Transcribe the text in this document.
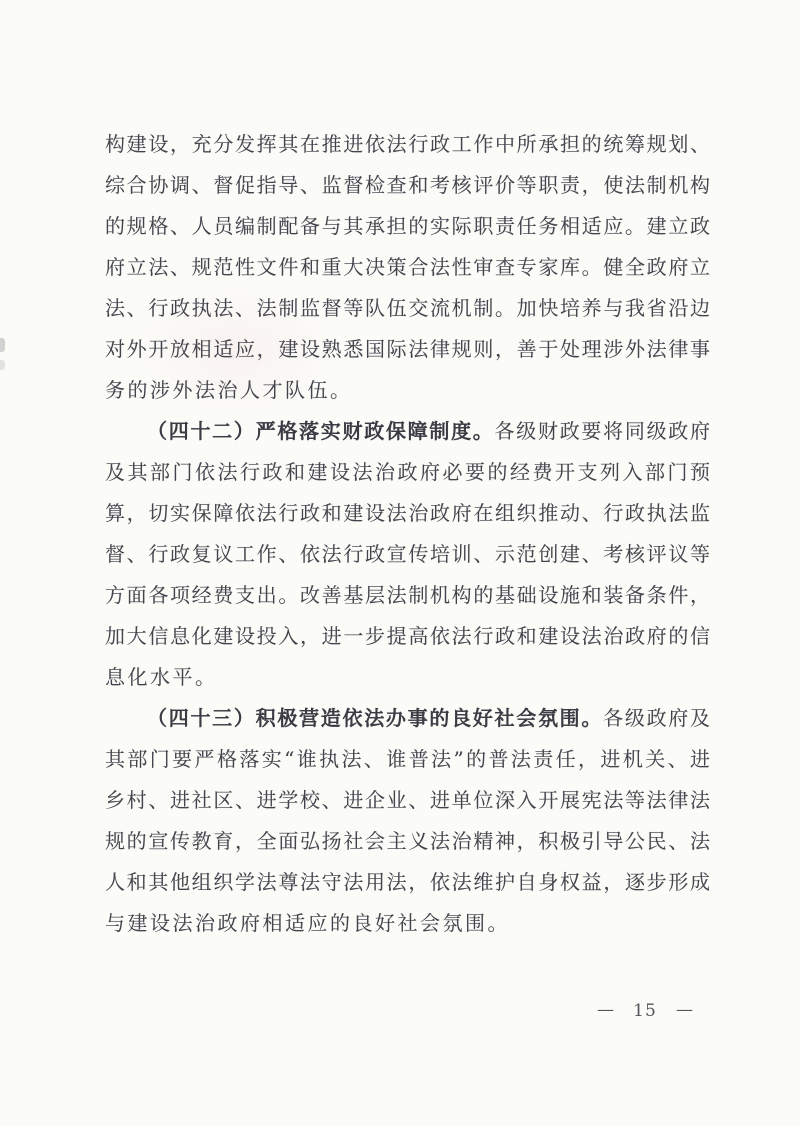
构建设，充分发挥其在推进依法行政工作中所承担的统筹规划、
综合协调、督促指导、监督检查和考核评价等职责，使法制机构
的规格、人员编制配备与其承担的实际职责任务相适应。建立政
府立法、规范性文件和重大决策合法性审查专家库。健全政府立
法、行政执法、法制监督等队伍交流机制。加快培养与我省沿边
对外开放相适应，建设熟悉国际法律规则，善于处理涉外法律事
务的涉外法治人才队伍。
（四十二）严格落实财政保障制度。各级财政要将同级政府
及其部门依法行政和建设法治政府必要的经费开支列入部门预
算，切实保障依法行政和建设法治政府在组织推动、行政执法监
督、行政复议工作、依法行政宣传培训、示范创建、考核评议等
方面各项经费支出。改善基层法制机构的基础设施和装备条件，
加大信息化建设投入，进一步提高依法行政和建设法治政府的信
息化水平。
（四十三）积极营造依法办事的良好社会氛围。各级政府及
其部门要严格落实“谁执法、谁普法”的普法责任，进机关、进
乡村、进社区、进学校、进企业、进单位深入开展宪法等法律法
规的宣传教育，全面弘扬社会主义法治精神，积极引导公民、法
人和其他组织学法尊法守法用法，依法维护自身权益，逐步形成
与建设法治政府相适应的良好社会氛围。
— 15 —
